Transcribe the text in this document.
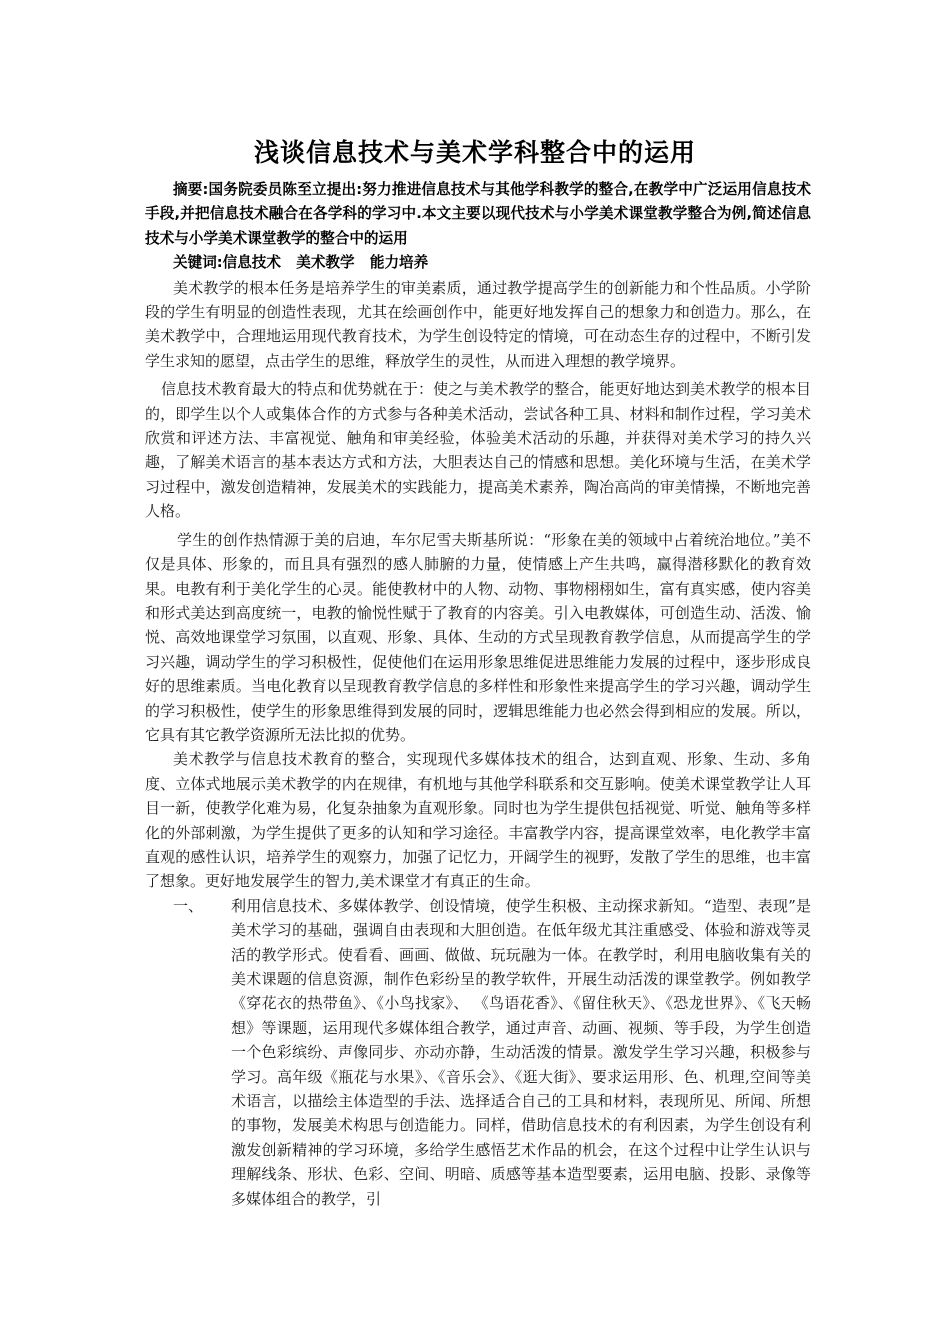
浅谈信息技术与美术学科整合中的运用

摘要:国务院委员陈至立提出:努力推进信息技术与其他学科教学的整合,在教学中广泛运用信息技术手段,并把信息技术融合在各学科的学习中.本文主要以现代技术与小学美术课堂教学整合为例,简述信息技术与小学美术课堂教学的整合中的运用

关键词:信息技术   美术教学   能力培养

美术教学的根本任务是培养学生的审美素质，通过教学提高学生的创新能力和个性品质。小学阶段的学生有明显的创造性表现，尤其在绘画创作中，能更好地发挥自己的想象力和创造力。那么，在美术教学中，合理地运用现代教育技术，为学生创设特定的情境，可在动态生存的过程中，不断引发学生求知的愿望，点击学生的思维，释放学生的灵性，从而进入理想的教学境界。

信息技术教育最大的特点和优势就在于：使之与美术教学的整合，能更好地达到美术教学的根本目的，即学生以个人或集体合作的方式参与各种美术活动，尝试各种工具、材料和制作过程，学习美术欣赏和评述方法、丰富视觉、触角和审美经验，体验美术活动的乐趣，并获得对美术学习的持久兴趣，了解美术语言的基本表达方式和方法，大胆表达自己的情感和思想。美化环境与生活，在美术学习过程中，激发创造精神，发展美术的实践能力，提高美术素养，陶冶高尚的审美情操，不断地完善人格。

学生的创作热情源于美的启迪，车尔尼雪夫斯基所说：“形象在美的领域中占着统治地位。”美不仅是具体、形象的，而且具有强烈的感人肺腑的力量，使情感上产生共鸣，赢得潜移默化的教育效果。电教有利于美化学生的心灵。能使教材中的人物、动物、事物栩栩如生，富有真实感，使内容美和形式美达到高度统一，电教的愉悦性赋于了教育的内容美。引入电教媒体，可创造生动、活泼、愉悦、高效地课堂学习氛围，以直观、形象、具体、生动的方式呈现教育教学信息，从而提高学生的学习兴趣，调动学生的学习积极性，促使他们在运用形象思维促进思维能力发展的过程中，逐步形成良好的思维素质。当电化教育以呈现教育教学信息的多样性和形象性来提高学生的学习兴趣，调动学生的学习积极性，使学生的形象思维得到发展的同时，逻辑思维能力也必然会得到相应的发展。所以，它具有其它教学资源所无法比拟的优势。

美术教学与信息技术教育的整合，实现现代多媒体技术的组合，达到直观、形象、生动、多角度、立体式地展示美术教学的内在规律，有机地与其他学科联系和交互影响。使美术课堂教学让人耳目一新，使教学化难为易，化复杂抽象为直观形象。同时也为学生提供包括视觉、听觉、触角等多样化的外部刺激，为学生提供了更多的认知和学习途径。丰富教学内容，提高课堂效率，电化教学丰富直观的感性认识，培养学生的观察力，加强了记忆力，开阔学生的视野，发散了学生的思维，也丰富了想象。更好地发展学生的智力,美术课堂才有真正的生命。

一、	利用信息技术、多媒体教学、创设情境，使学生积极、主动探求新知。“造型、表现”是美术学习的基础，强调自由表现和大胆创造。在低年级尤其注重感受、体验和游戏等灵活的教学形式。使看看、画画、做做、玩玩融为一体。在教学时，利用电脑收集有关的美术课题的信息资源，制作色彩纷呈的教学软件，开展生动活泼的课堂教学。例如教学《穿花衣的热带鱼》、《小鸟找家》、 《鸟语花香》、《留住秋天》、《恐龙世界》、《飞天畅想》等课题，运用现代多媒体组合教学，通过声音、动画、视频、等手段，为学生创造一个色彩缤纷、声像同步、亦动亦静，生动活泼的情景。激发学生学习兴趣，积极参与学习。高年级《瓶花与水果》、《音乐会》、《逛大街》、要求运用形、色、机理,空间等美术语言，以描绘主体造型的手法、选择适合自己的工具和材料，表现所见、所闻、所想的事物，发展美术构思与创造能力。同样，借助信息技术的有利因素，为学生创设有利激发创新精神的学习环境，多给学生感悟艺术作品的机会，在这个过程中让学生认识与理解线条、形状、色彩、空间、明暗、质感等基本造型要素，运用电脑、投影、录像等多媒体组合的教学，引
